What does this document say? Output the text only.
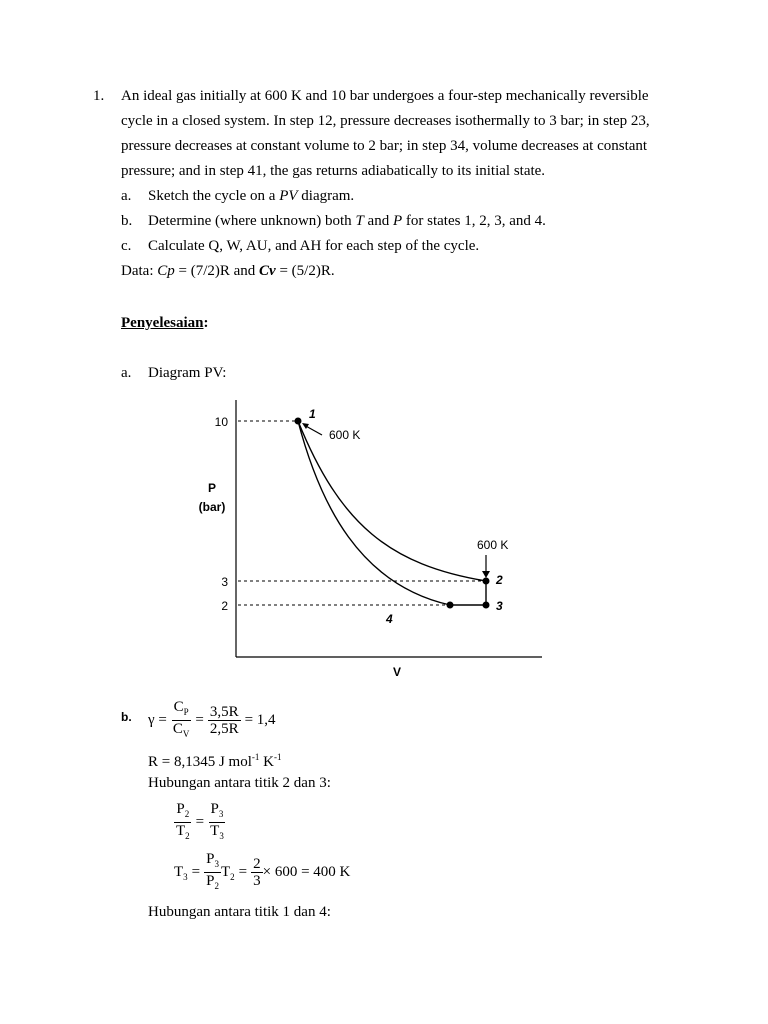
1. An ideal gas initially at 600 K and 10 bar undergoes a four-step mechanically reversible
cycle in a closed system. In step 12, pressure decreases isothermally to 3 bar; in step 23,
pressure decreases at constant volume to 2 bar; in step 34, volume decreases at constant
pressure; and in step 41, the gas returns adiabatically to its initial state.
a. Sketch the cycle on a PV diagram.
b. Determine (where unknown) both T and P for states 1, 2, 3, and 4.
c. Calculate Q, W, AU, and AH for each step of the cycle.
Data: Cp = (7/2)R and Cv = (5/2)R.
Penyelesaian:
a. Diagram PV:
10
3
2
P
(bar)
V
1
2
3
4
600 K
600 K
b. $\gamma = \frac{C_P}{C_V} = \frac{3,5R}{2,5R} = 1,4$
R = 8,1345 J mol$^{-1}$ $K^{-1}$
Hubungan antara titik 2 dan 3:
$\frac{P_2}{T_2} = \frac{P_3}{T_3}$
$T_3 = \frac{P_3}{P_2} T_2 = \frac{2}{3} \times 600 = 400$ K
Hubungan antara titik 1 dan 4:
